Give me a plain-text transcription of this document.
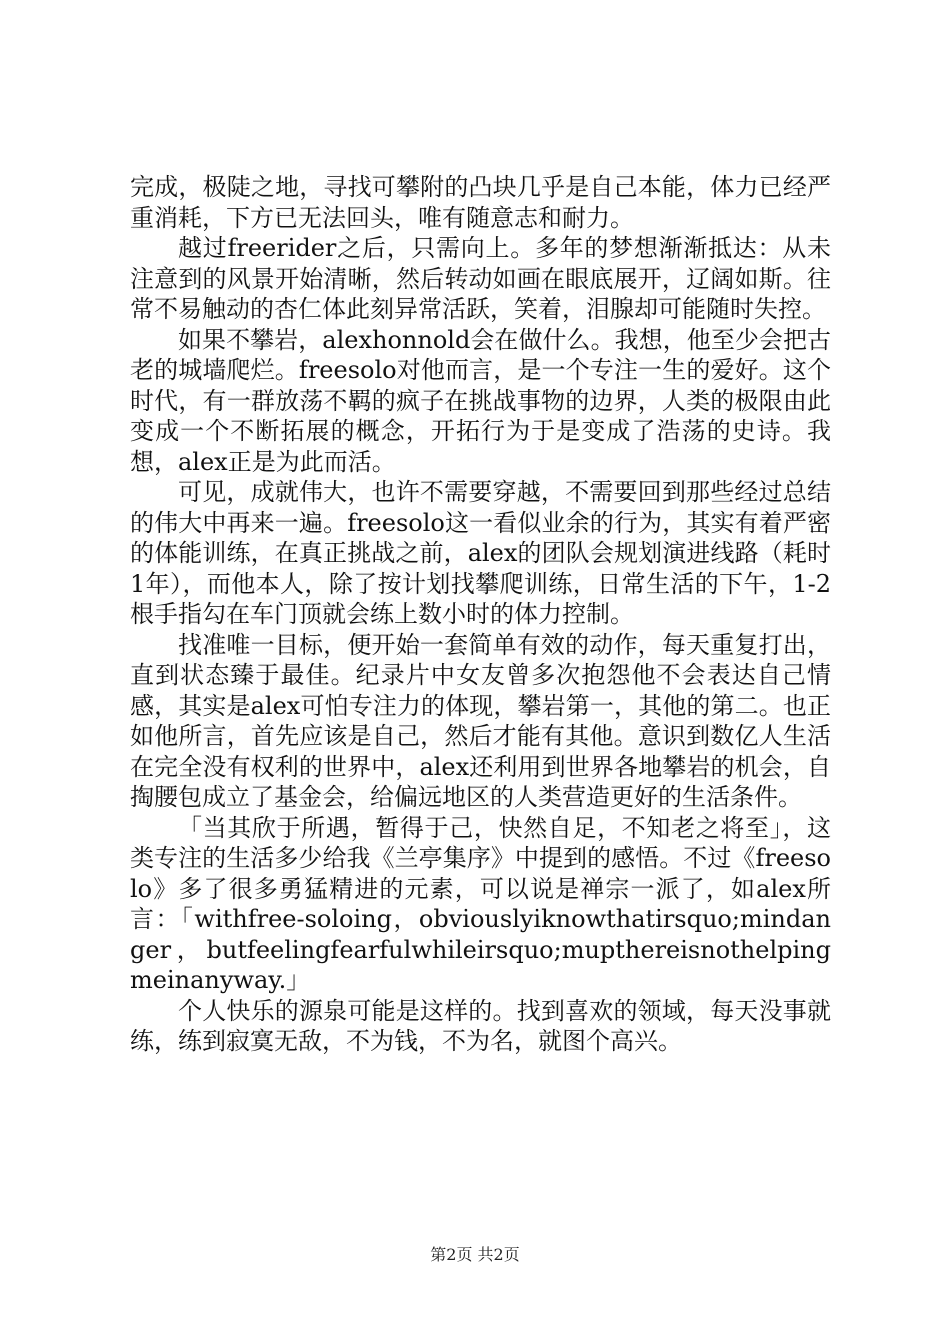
完成，极陡之地，寻找可攀附的凸块几乎是自己本能，体力已经严重消耗，下方已无法回头，唯有随意志和耐力。

越过freerider之后，只需向上。多年的梦想渐渐抵达：从未注意到的风景开始清晰，然后转动如画在眼底展开，辽阔如斯。往常不易触动的杏仁体此刻异常活跃，笑着，泪腺却可能随时失控。

如果不攀岩，alexhonnold会在做什么。我想，他至少会把古老的城墙爬烂。freesolo对他而言，是一个专注一生的爱好。这个时代，有一群放荡不羁的疯子在挑战事物的边界，人类的极限由此变成一个不断拓展的概念，开拓行为于是变成了浩荡的史诗。我想，alex正是为此而活。

可见，成就伟大，也许不需要穿越，不需要回到那些经过总结的伟大中再来一遍。freesolo这一看似业余的行为，其实有着严密的体能训练，在真正挑战之前，alex的团队会规划演进线路（耗时1年），而他本人，除了按计划找攀爬训练，日常生活的下午，1-2根手指勾在车门顶就会练上数小时的体力控制。

找准唯一目标，便开始一套简单有效的动作，每天重复打出，直到状态臻于最佳。纪录片中女友曾多次抱怨他不会表达自己情感，其实是alex可怕专注力的体现，攀岩第一，其他的第二。也正如他所言，首先应该是自己，然后才能有其他。意识到数亿人生活在完全没有权利的世界中，alex还利用到世界各地攀岩的机会，自掏腰包成立了基金会，给偏远地区的人类营造更好的生活条件。

「当其欣于所遇，暂得于己，快然自足，不知老之将至」，这类专注的生活多少给我《兰亭集序》中提到的感悟。不过《freesolo》多了很多勇猛精进的元素，可以说是禅宗一派了，如alex所言：「withfree-soloing，obviouslyiknowthatirsquo;mindanger，butfeelingfearfulwhileirsquo;mupthereisnothelpingmeinanyway.」

个人快乐的源泉可能是这样的。找到喜欢的领域，每天没事就练，练到寂寞无敌，不为钱，不为名，就图个高兴。

第2页 共2页
